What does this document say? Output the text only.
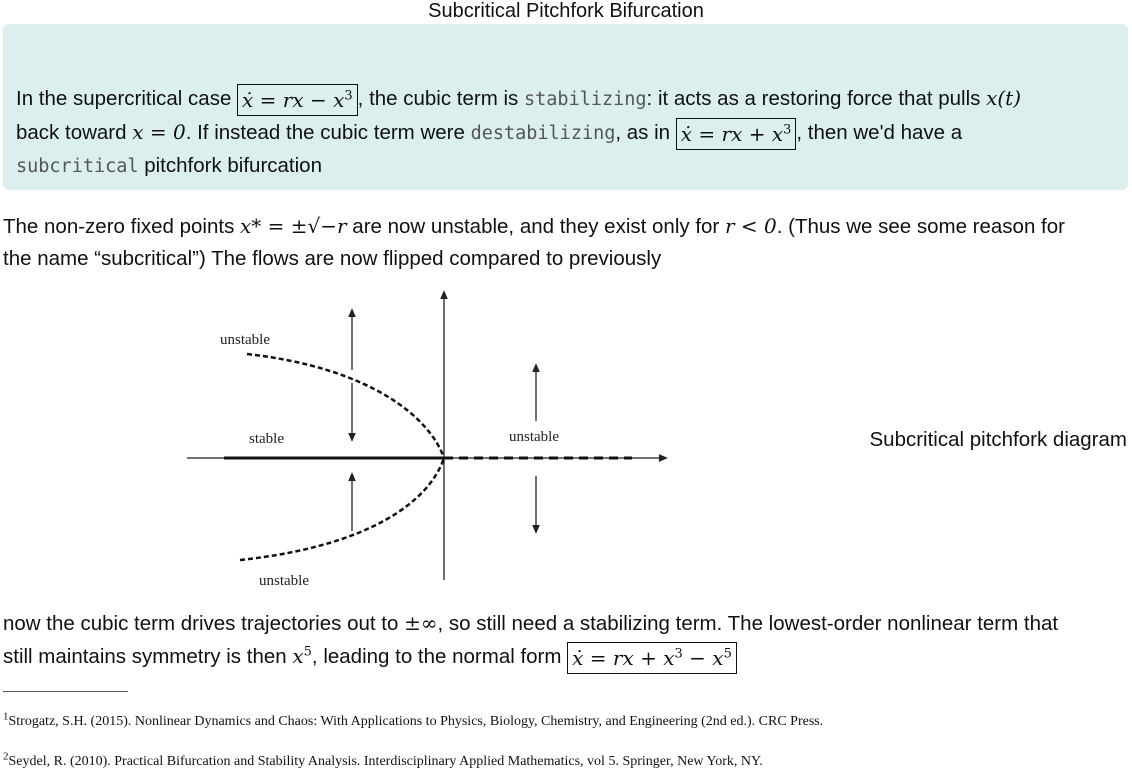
Subcritical Pitchfork Bifurcation

In the supercritical case ẋ = rx − $x^3$ , the cubic term is stabilizing: it acts as a restoring force that pulls x(t)
back toward x = 0. If instead the cubic term were destabilizing, as in ẋ = rx + $x^3$ , then we'd have a
subcritical pitchfork bifurcation

The non-zero fixed points x* = ±√−r are now unstable, and they exist only for r < 0. (Thus we see some reason for
the name “subcritical”) The flows are now flipped compared to previously

unstable
stable	unstable
unstable
Subcritical pitchfork diagram

now the cubic term drives trajectories out to ±∞, so still need a stabilizing term. The lowest-order nonlinear term that
still maintains symmetry is then $x^5$, leading to the normal form ẋ = rx + $x^3 - x^5$

$^1$Strogatz, S.H. (2015). Nonlinear Dynamics and Chaos: With Applications to Physics, Biology, Chemistry, and Engineering (2nd ed.). CRC Press.
$^2$Seydel, R. (2010). Practical Bifurcation and Stability Analysis. Interdisciplinary Applied Mathematics, vol 5. Springer, New York, NY.
